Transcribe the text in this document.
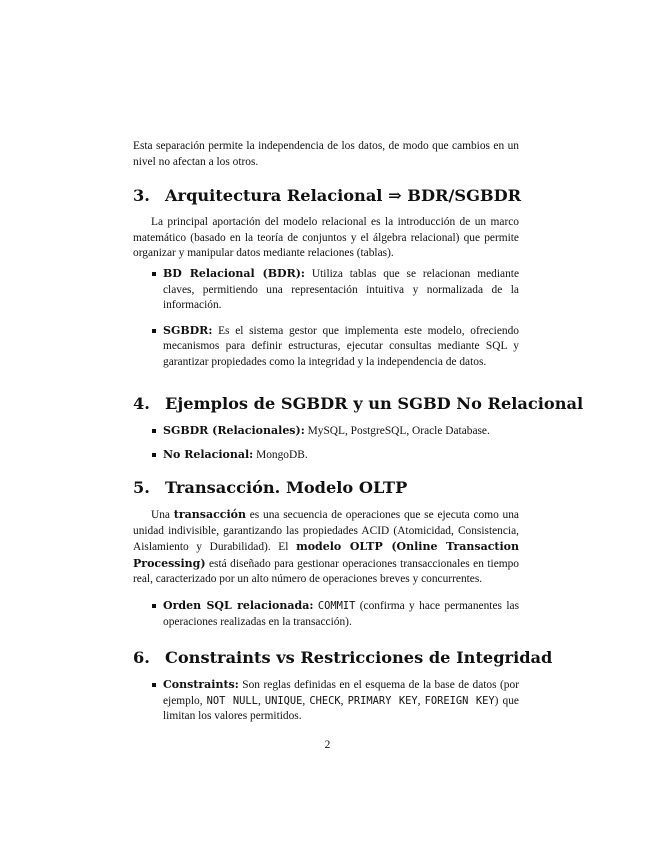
Esta separación permite la independencia de los datos, de modo que cambios en un nivel no afectan a los otros.

3. Arquitectura Relacional ⇒ BDR/SGBDR

La principal aportación del modelo relacional es la introducción de un marco matemático (basado en la teoría de conjuntos y el álgebra relacional) que permite organizar y manipular datos mediante relaciones (tablas).

BD Relacional (BDR): Utiliza tablas que se relacionan mediante claves, permitiendo una representación intuitiva y normalizada de la información.
SGBDR: Es el sistema gestor que implementa este modelo, ofreciendo mecanismos para definir estructuras, ejecutar consultas mediante SQL y garantizar propiedades como la integridad y la independencia de datos.
4. Ejemplos de SGBDR y un SGBD No Relacional
SGBDR (Relacionales): MySQL, PostgreSQL, Oracle Database.
No Relacional: MongoDB.
5. Transacción. Modelo OLTP

Una transacción es una secuencia de operaciones que se ejecuta como una unidad indivisible, garantizando las propiedades ACID (Atomicidad, Consistencia, Aislamiento y Durabilidad). El modelo OLTP (Online Transaction Processing) está diseñado para gestionar operaciones transaccionales en tiempo real, caracterizado por un alto número de operaciones breves y concurrentes.

Orden SQL relacionada: COMMIT (confirma y hace permanentes las operaciones realizadas en la transacción).
6. Constraints vs Restricciones de Integridad
Constraints: Son reglas definidas en el esquema de la base de datos (por ejemplo, NOT NULL, UNIQUE, CHECK, PRIMARY KEY, FOREIGN KEY) que limitan los valores permitidos.
2
